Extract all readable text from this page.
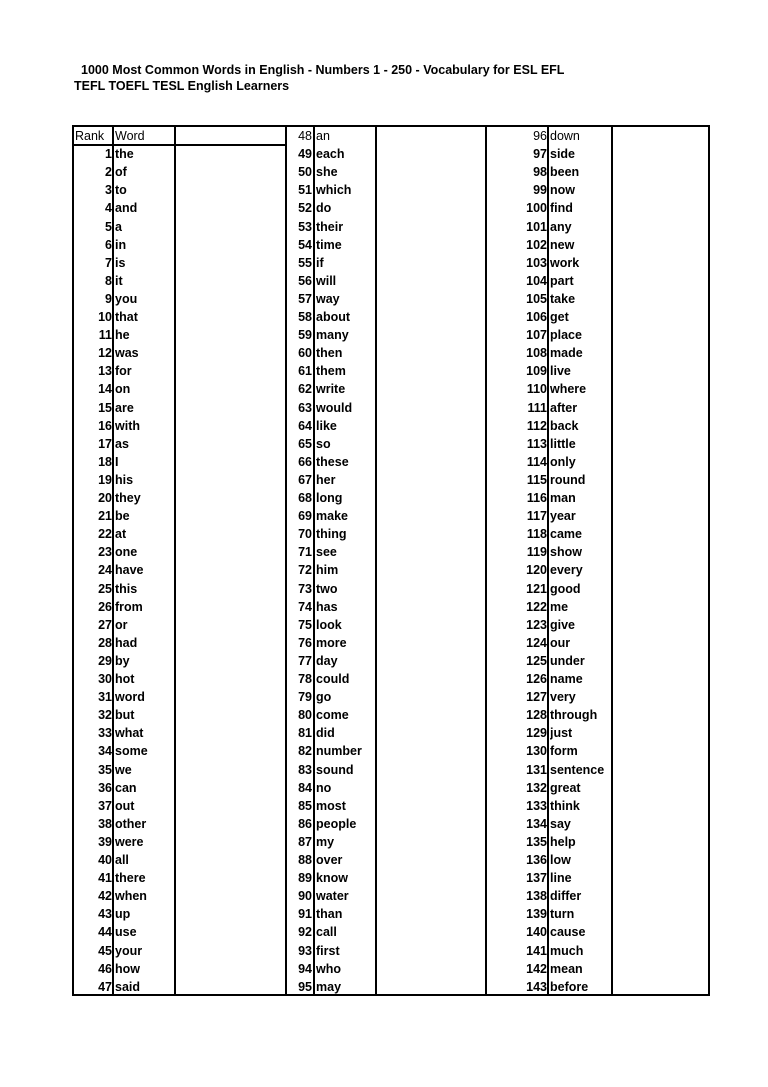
1000 Most Common Words in English - Numbers 1 - 250 - Vocabulary for ESL EFL
TEFL TOEFL TESL English Learners
Rank Word	48 an	96 down
1 the	49 each	97 side
2 of	50 she	98 been
3 to	51 which	99 now
4 and	52 do	100 find
5 a	53 their	101 any
6 in	54 time	102 new
7 is	55 if	103 work
8 it	56 will	104 part
9 you	57 way	105 take
10 that	58 about	106 get
11 he	59 many	107 place
12 was	60 then	108 made
13 for	61 them	109 live
14 on	62 write	110 where
15 are	63 would	111 after
16 with	64 like	112 back
17 as	65 so	113 little
18 I	66 these	114 only
19 his	67 her	115 round
20 they	68 long	116 man
21 be	69 make	117 year
22 at	70 thing	118 came
23 one	71 see	119 show
24 have	72 him	120 every
25 this	73 two	121 good
26 from	74 has	122 me
27 or	75 look	123 give
28 had	76 more	124 our
29 by	77 day	125 under
30 hot	78 could	126 name
31 word	79 go	127 very
32 but	80 come	128 through
33 what	81 did	129 just
34 some	82 number	130 form
35 we	83 sound	131 sentence
36 can	84 no	132 great
37 out	85 most	133 think
38 other	86 people	134 say
39 were	87 my	135 help
40 all	88 over	136 low
41 there	89 know	137 line
42 when	90 water	138 differ
43 up	91 than	139 turn
44 use	92 call	140 cause
45 your	93 first	141 much
46 how	94 who	142 mean
47 said	95 may	143 before
